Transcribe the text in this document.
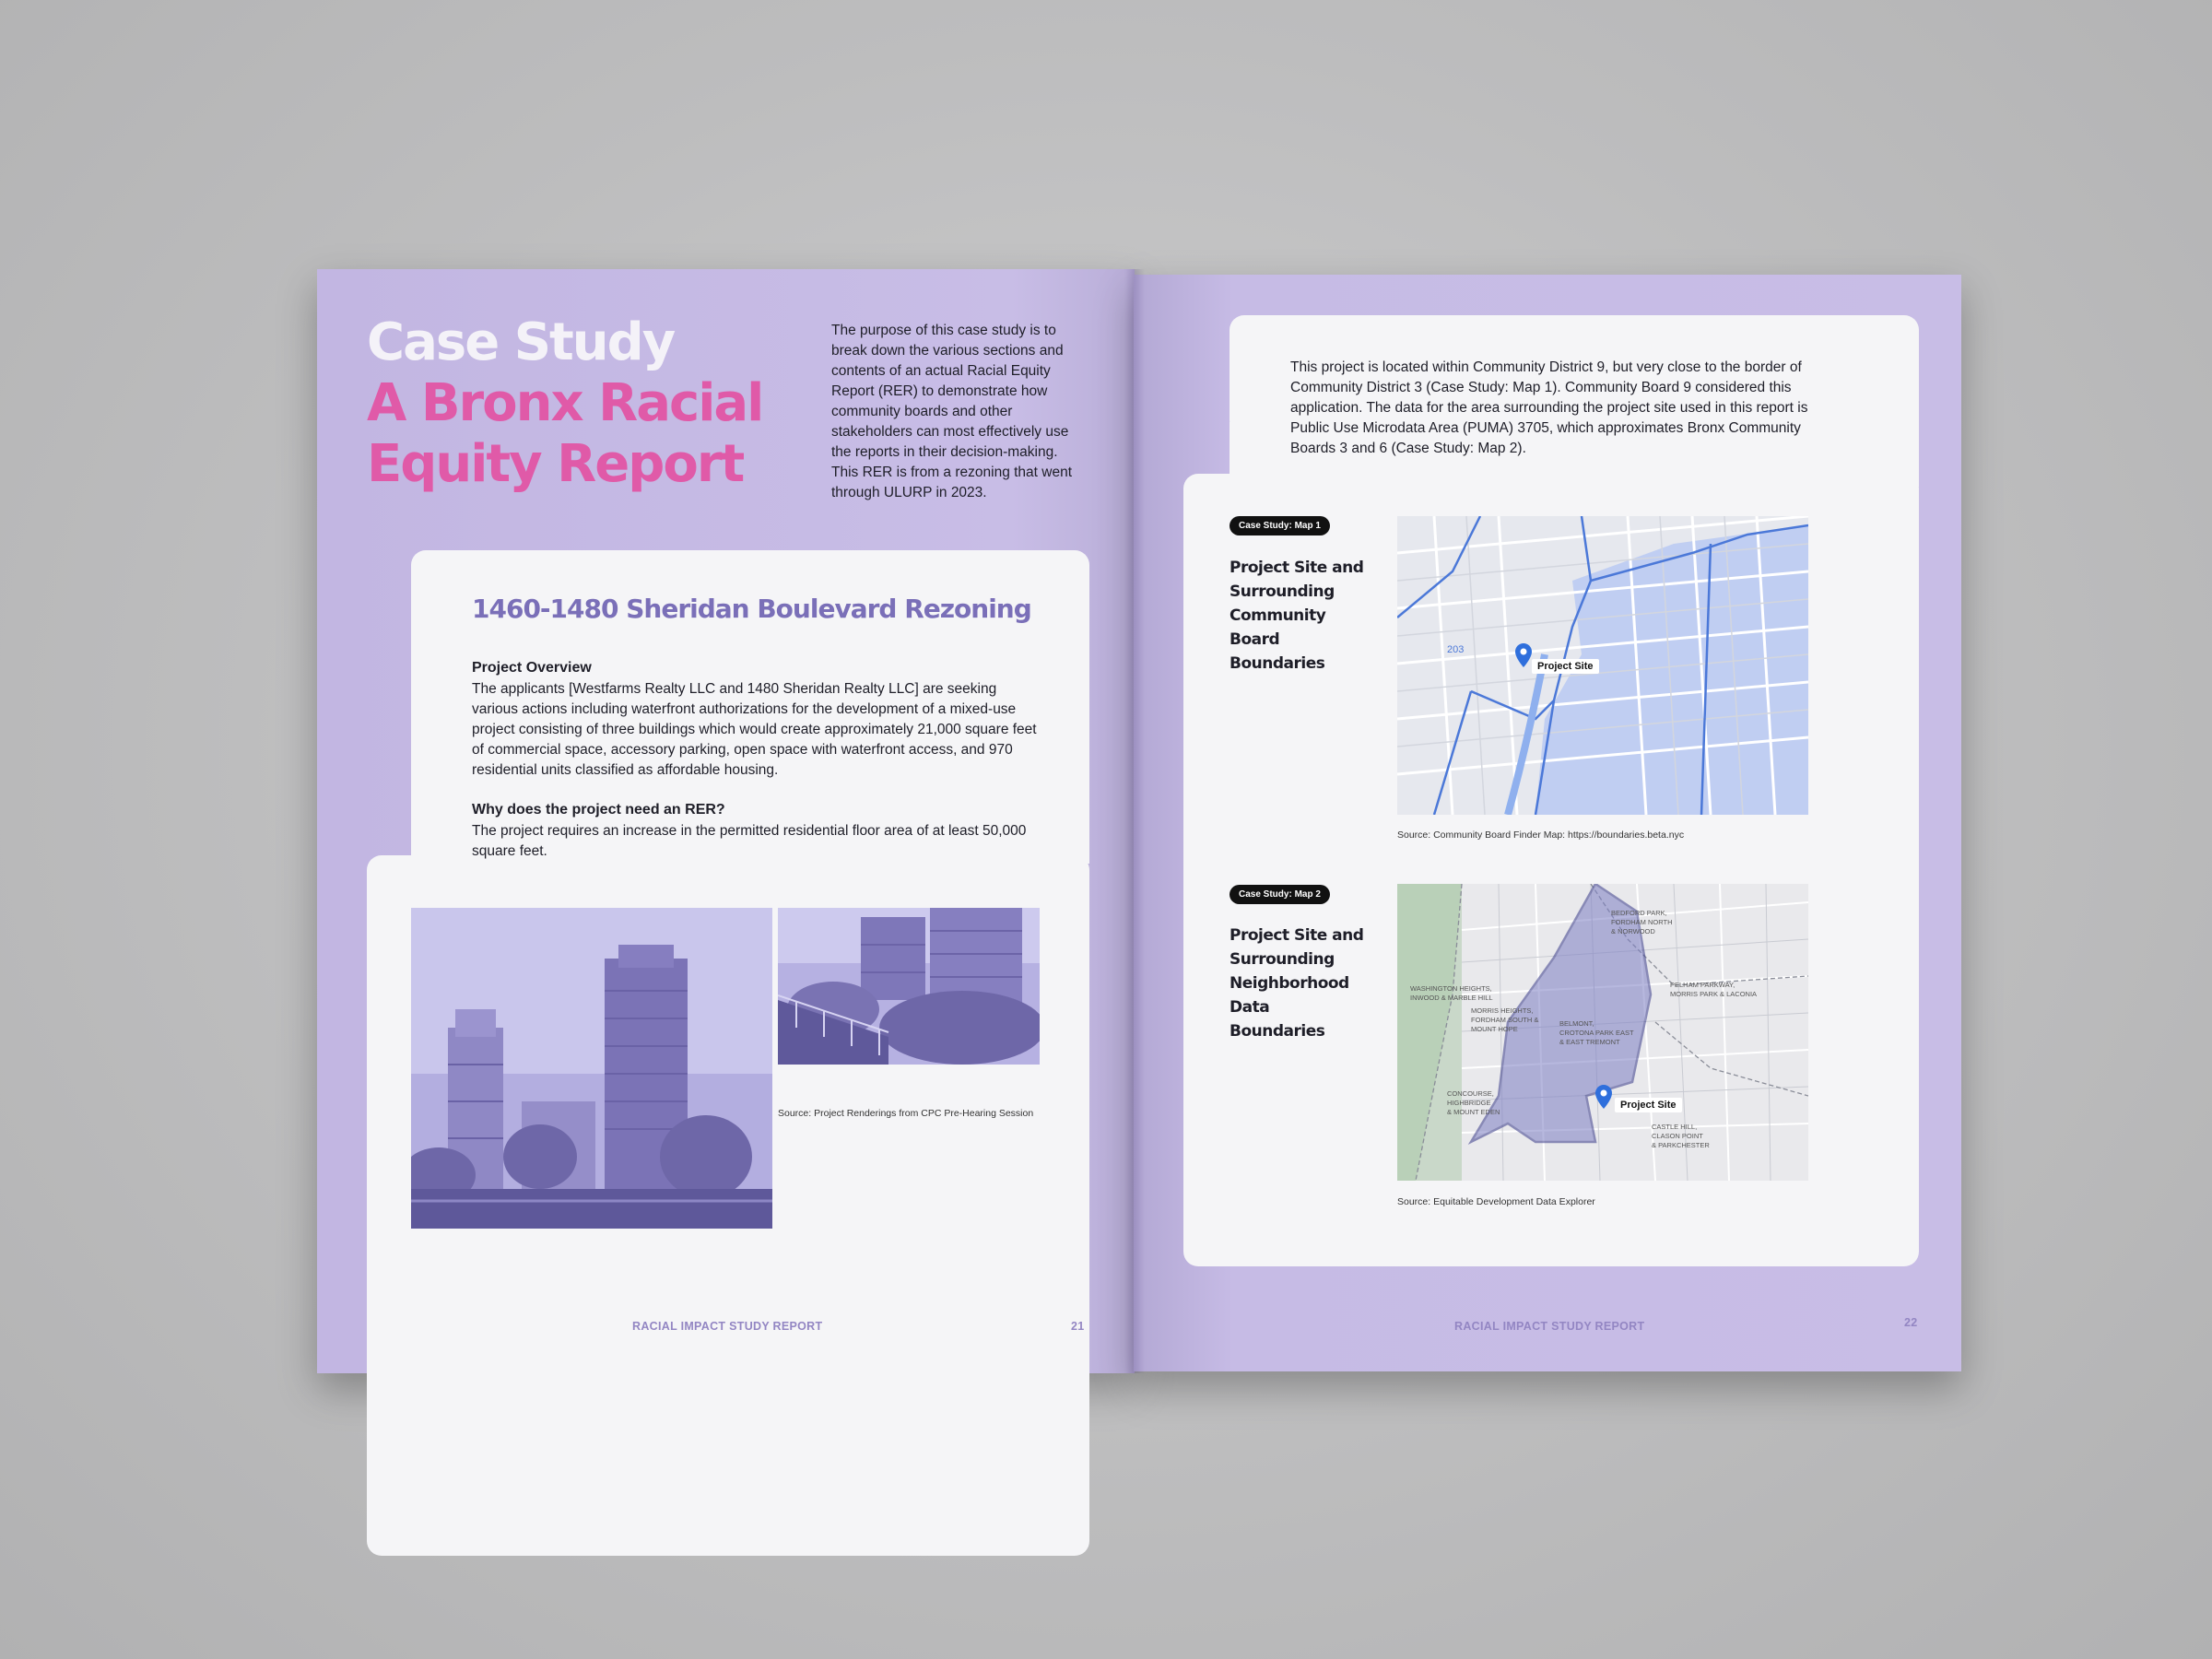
Case Study
A Bronx Racial
Equity Report
The purpose of this case study is to break down the various sections and contents of an actual Racial Equity Report (RER) to demonstrate how community boards and other stakeholders can most effectively use the reports in their decision-making. This RER is from a rezoning that went through ULURP in 2023.
1460-1480 Sheridan Boulevard Rezoning
Project Overview
The applicants [Westfarms Realty LLC and 1480 Sheridan Realty LLC] are seeking various actions including waterfront authorizations for the development of a mixed-use project consisting of three buildings which would create approximately 21,000 square feet of commercial space, accessory parking, open space with waterfront access, and 970 residential units classified as affordable housing.
Why does the project need an RER?
The project requires an increase in the permitted residential floor area of at least 50,000 square feet.
Source: Project Renderings from CPC Pre-Hearing Session
RACIAL IMPACT STUDY REPORT	21
This project is located within Community District 9, but very close to the border of Community District 3 (Case Study: Map 1). Community Board 9 considered this application. The data for the area surrounding the project site used in this report is Public Use Microdata Area (PUMA) 3705, which approximates Bronx Community Boards 3 and 6 (Case Study: Map 2).
Case Study: Map 1
Project Site and Surrounding Community Board Boundaries
203
Project Site
Source: Community Board Finder Map: https://boundaries.beta.nyc
Case Study: Map 2
Project Site and Surrounding Neighborhood Data Boundaries
BEDFORD PARK,
FORDHAM NORTH
& NORWOOD
WASHINGTON HEIGHTS,
INWOOD & MARBLE HILL
MORRIS HEIGHTS,
FORDHAM SOUTH &
MOUNT HOPE
BELMONT,
CROTONA PARK EAST
& EAST TREMONT
PELHAM PARKWAY,
MORRIS PARK & LACONIA
CONCOURSE,
HIGHBRIDGE
& MOUNT EDEN
CASTLE HILL,
CLASON POINT
& PARKCHESTER
Project Site
Source: Equitable Development Data Explorer
RACIAL IMPACT STUDY REPORT	22
